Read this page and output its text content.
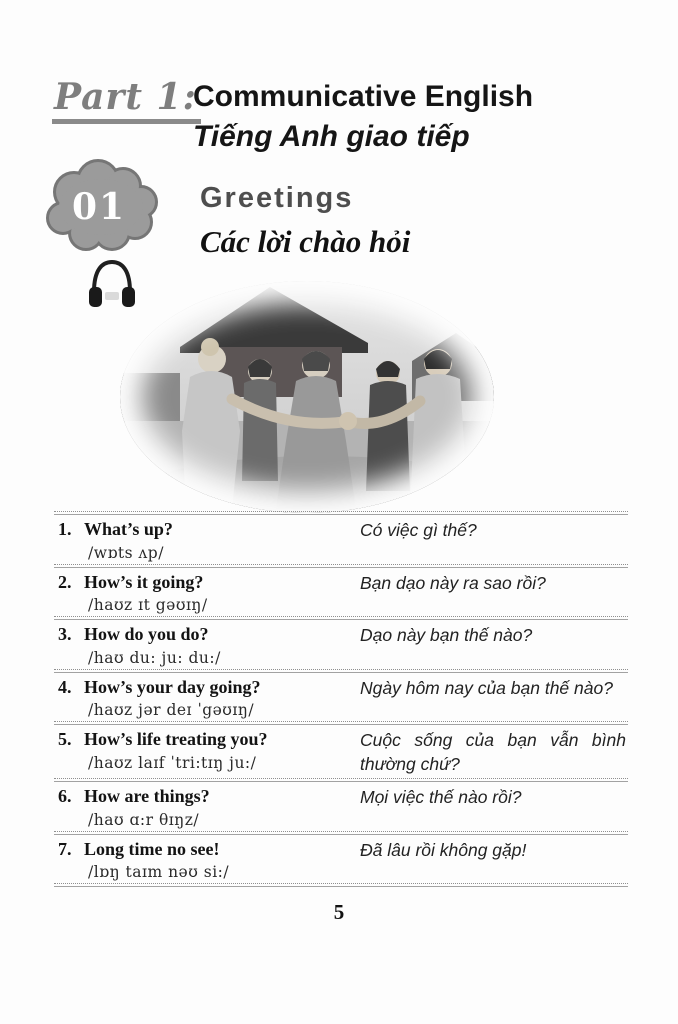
Part 1:
Communicative English
Tiếng Anh giao tiếp
01	Greetings
Các lời chào hỏi
1. What’s up?
/wɒts ʌp/
Có việc gì thế?
2. How’s it going?
/haʊz ɪt gəʊɪŋ/
Bạn dạo này ra sao rồi?
3. How do you do?
/haʊ du: ju: du:/
Dạo này bạn thế nào?
4. How’s your day going?
/haʊz jər deɪ ˈgəʊɪŋ/
Ngày hôm nay của bạn thế nào?
5. How’s life treating you?
/haʊz laɪf ˈtri:tɪŋ ju:/
Cuộc sống của bạn vẫn bình thường chứ?
6. How are things?
/haʊ ɑ:r θɪŋz/
Mọi việc thế nào rồi?
7. Long time no see!
/lɒŋ taɪm nəʊ si:/
Đã lâu rồi không gặp!
5
